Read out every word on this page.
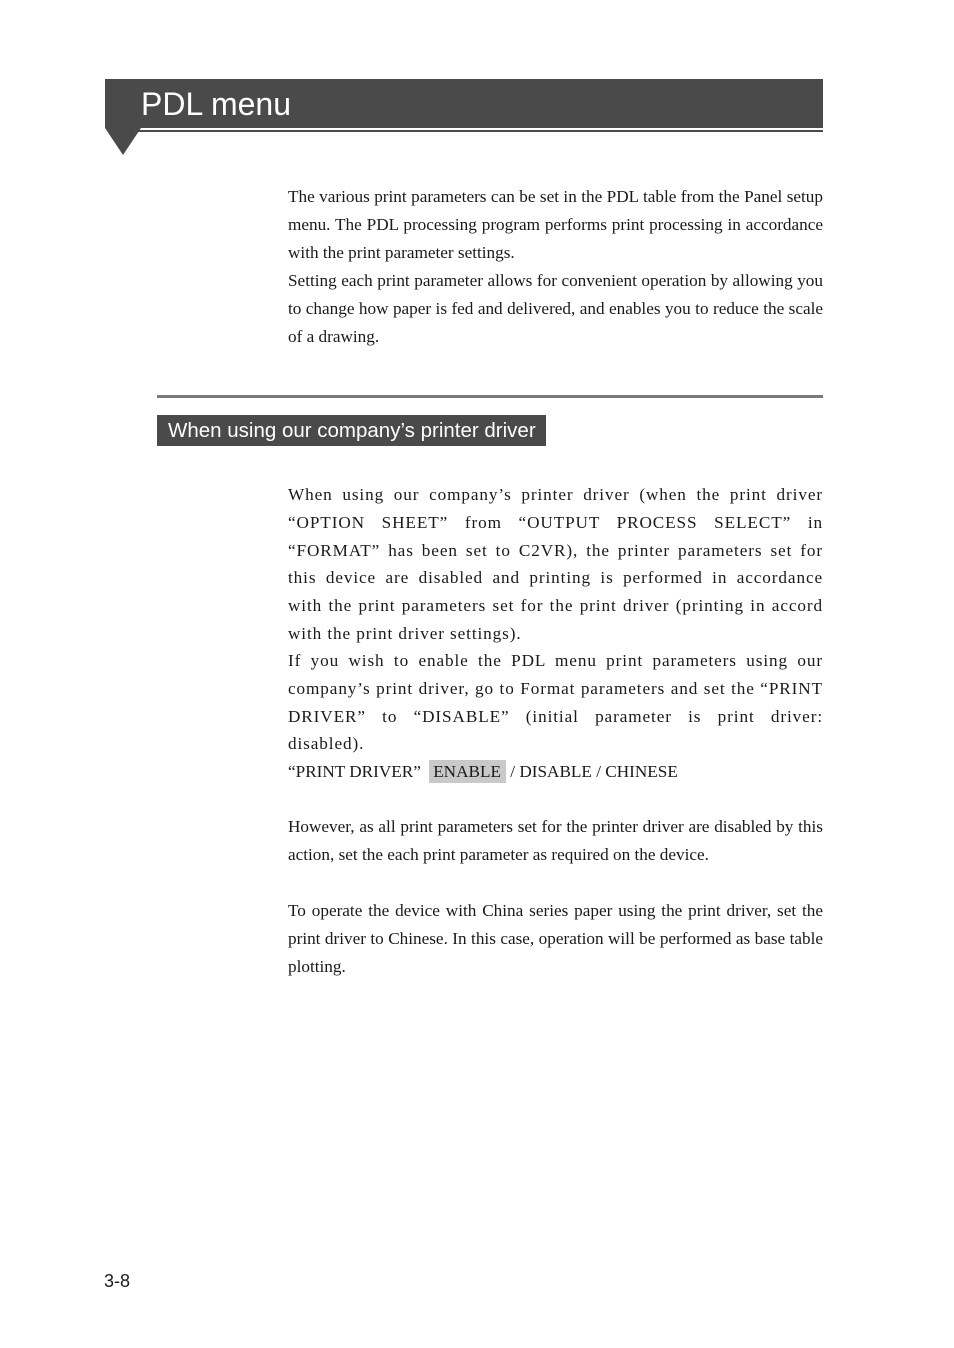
PDL menu

The various print parameters can be set in the PDL table from the Panel setup menu. The PDL processing program performs print processing in accordance with the print parameter settings.

Setting each print parameter allows for convenient operation by allowing you to change how paper is fed and delivered, and enables you to reduce the scale of a drawing.

When using our company’s printer driver

When using our company’s printer driver (when the print driver “OPTION SHEET” from “OUTPUT PROCESS SELECT” in “FORMAT” has been set to C2VR), the printer parameters set for this device are disabled and printing is performed in accordance with the print parameters set for the print driver (printing in accord with the print driver settings).

If you wish to enable the PDL menu print parameters using our company’s print driver, go to Format parameters and set the “PRINT DRIVER” to “DISABLE” (initial parameter is print driver: disabled).

“PRINT DRIVER” ENABLE / DISABLE / CHINESE

However, as all print parameters set for the printer driver are disabled by this action, set the each print parameter as required on the device.

To operate the device with China series paper using the print driver, set the print driver to Chinese. In this case, operation will be performed as base table plotting.

3-8
